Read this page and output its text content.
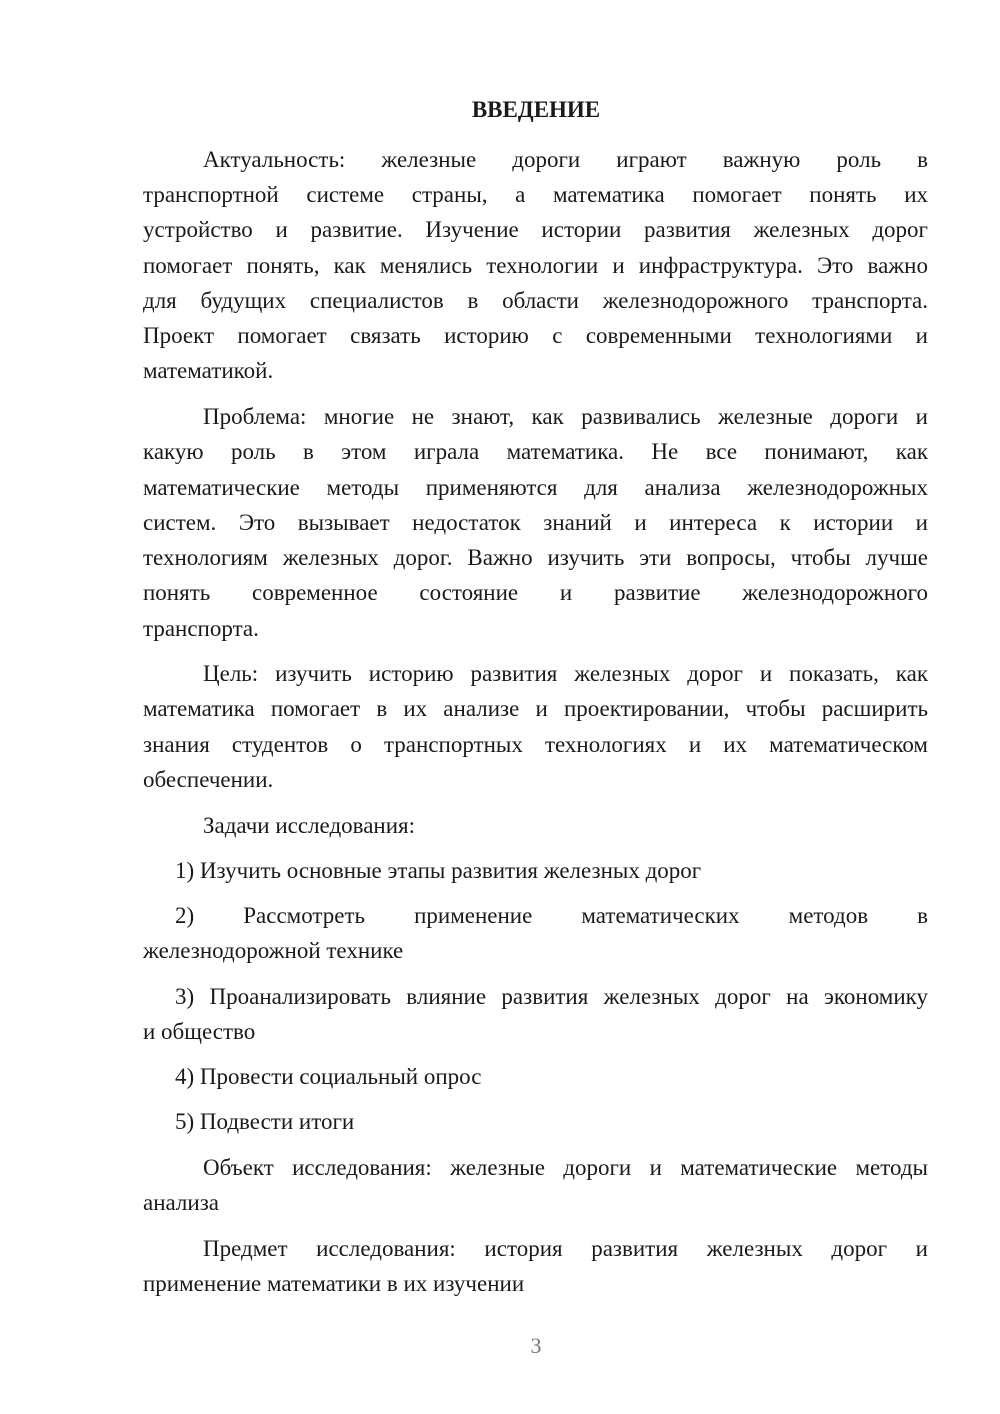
ВВЕДЕНИЕ
Актуальность: железные дороги играют важную роль в
транспортной системе страны, а математика помогает понять их
устройство и развитие. Изучение истории развития железных дорог
помогает понять, как менялись технологии и инфраструктура. Это важно
для будущих специалистов в области железнодорожного транспорта.
Проект помогает связать историю с современными технологиями и
математикой.
Проблема: многие не знают, как развивались железные дороги и
какую роль в этом играла математика. Не все понимают, как
математические методы применяются для анализа железнодорожных
систем. Это вызывает недостаток знаний и интереса к истории и
технологиям железных дорог. Важно изучить эти вопросы, чтобы лучше
понять современное состояние и развитие железнодорожного
транспорта.
Цель: изучить историю развития железных дорог и показать, как
математика помогает в их анализе и проектировании, чтобы расширить
знания студентов о транспортных технологиях и их математическом
обеспечении.
Задачи исследования:
1) Изучить основные этапы развития железных дорог
2) Рассмотреть применение математических методов в
железнодорожной технике
3) Проанализировать влияние развития железных дорог на экономику
и общество
4) Провести социальный опрос
5) Подвести итоги
Объект исследования: железные дороги и математические методы
анализа
Предмет исследования: история развития железных дорог и
применение математики в их изучении
3
